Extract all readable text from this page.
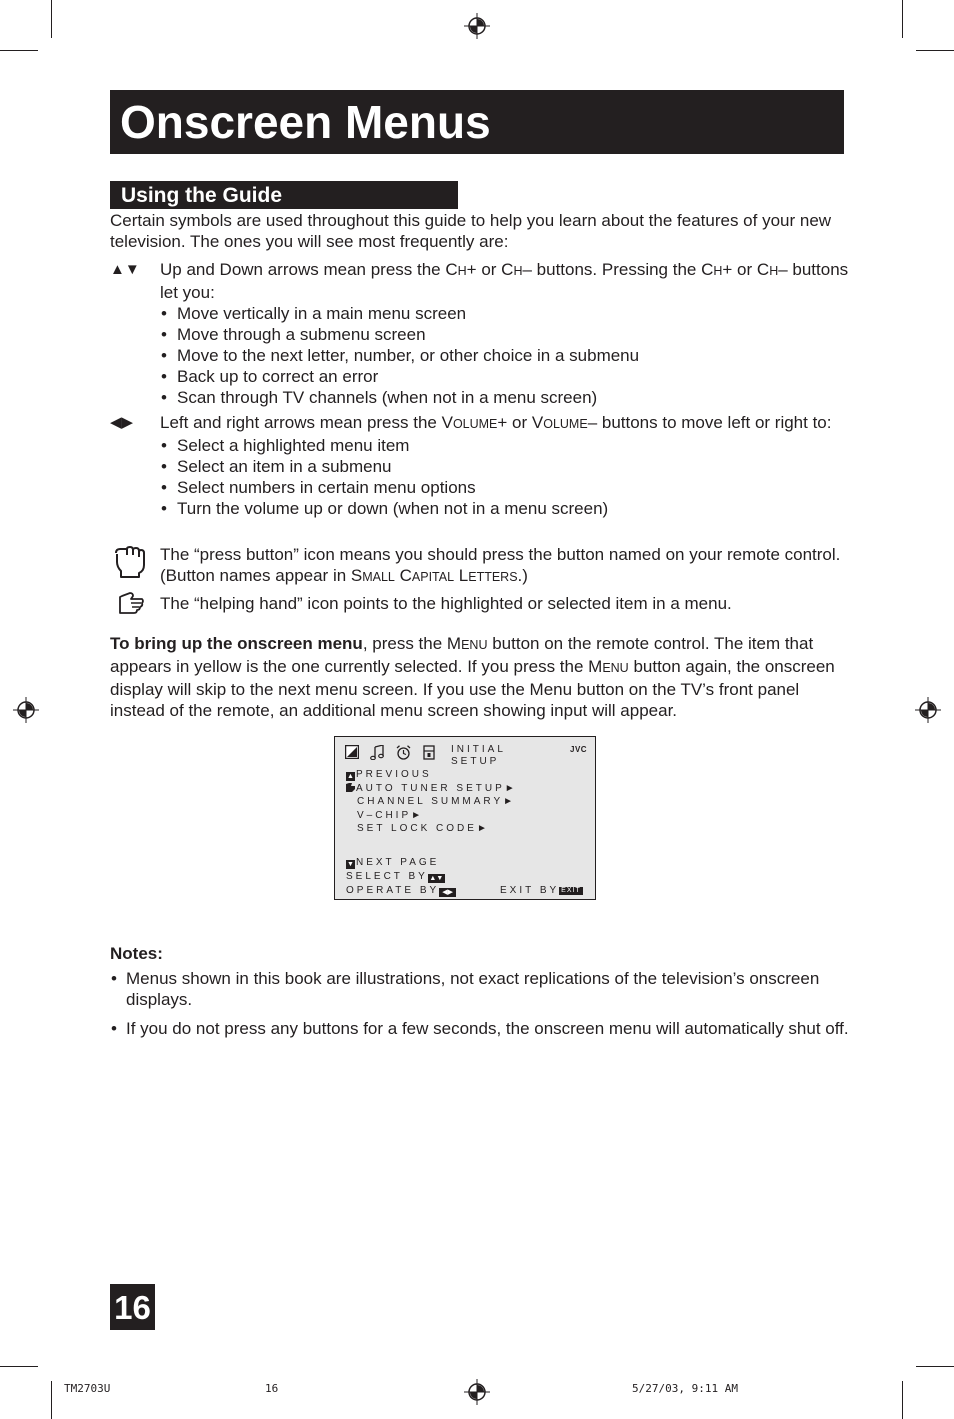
Onscreen Menus
Using the Guide
Certain symbols are used throughout this guide to help you learn about the features of your new television. The ones you will see most frequently are:
▲▼	Up and Down arrows mean press the CH+ or CH– buttons. Pressing the CH+ or CH– buttons let you:
• Move vertically in a main menu screen
• Move through a submenu screen
• Move to the next letter, number, or other choice in a submenu
• Back up to correct an error
• Scan through TV channels (when not in a menu screen)
◀▶	Left and right arrows mean press the VOLUME+ or VOLUME– buttons to move left or right to:
• Select a highlighted menu item
• Select an item in a submenu
• Select numbers in certain menu options
• Turn the volume up or down (when not in a menu screen)
The “press button” icon means you should press the button named on your remote control. (Button names appear in SMALL CAPITAL LETTERS.)
The “helping hand” icon points to the highlighted or selected item in a menu.
To bring up the onscreen menu, press the MENU button on the remote control. The item that appears in yellow is the one currently selected. If you press the MENU button again, the onscreen display will skip to the next menu screen. If you use the Menu button on the TV’s front panel instead of the remote, an additional menu screen showing input will appear.
INITIAL
SETUP
JVC
▲ PREVIOUS
AUTO TUNER SETUP►
CHANNEL SUMMARY►
V–CHIP►
SET LOCK CODE►
▼ NEXT PAGE
SELECT BY ▲▼
OPERATE BY ◀▶	EXIT BY EXIT
Notes:
• Menus shown in this book are illustrations, not exact replications of the television’s onscreen displays.
• If you do not press any buttons for a few seconds, the onscreen menu will automatically shut off.
16
TM2703U	16	5/27/03, 9:11 AM
